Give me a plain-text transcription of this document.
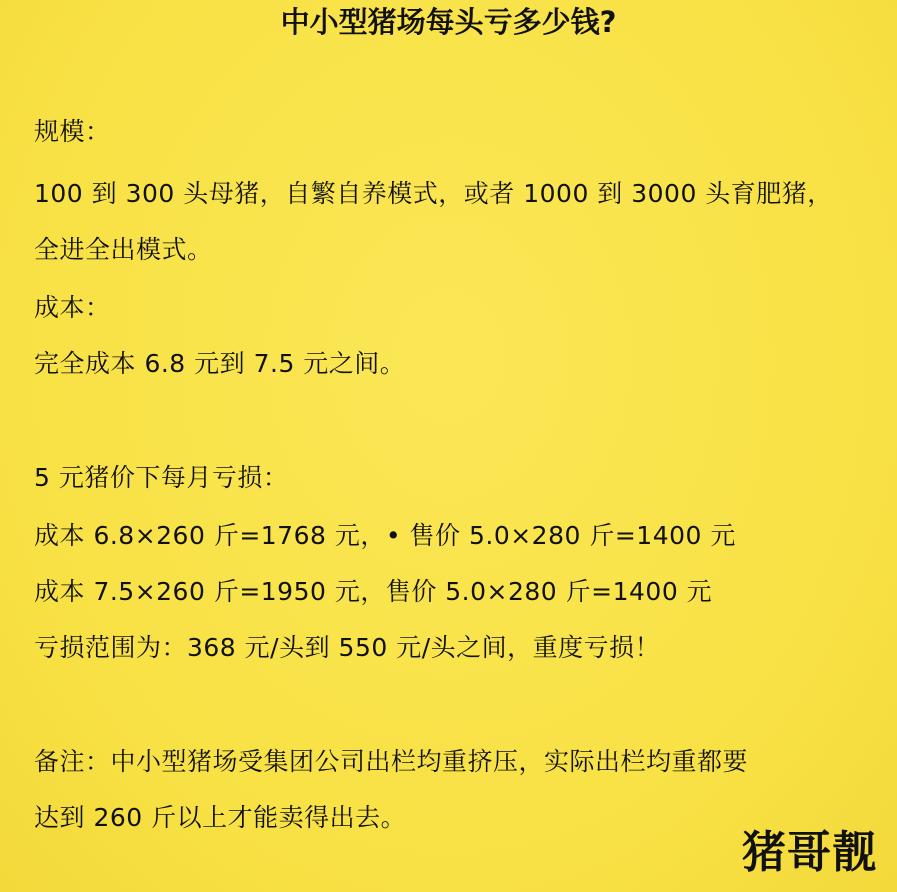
中小型猪场每头亏多少钱?
规模：
100 到 300 头母猪，自繁自养模式，或者 1000 到 3000 头育肥猪，
全进全出模式。
成本：
完全成本 6.8 元到 7.5 元之间。
5 元猪价下每月亏损：
成本 6.8×260 斤=1768 元，• 售价 5.0×280 斤=1400 元
成本 7.5×260 斤=1950 元，售价 5.0×280 斤=1400 元
亏损范围为：368 元/头到 550 元/头之间，重度亏损！
备注：中小型猪场受集团公司出栏均重挤压，实际出栏均重都要
达到 260 斤以上才能卖得出去。
猪哥靓
